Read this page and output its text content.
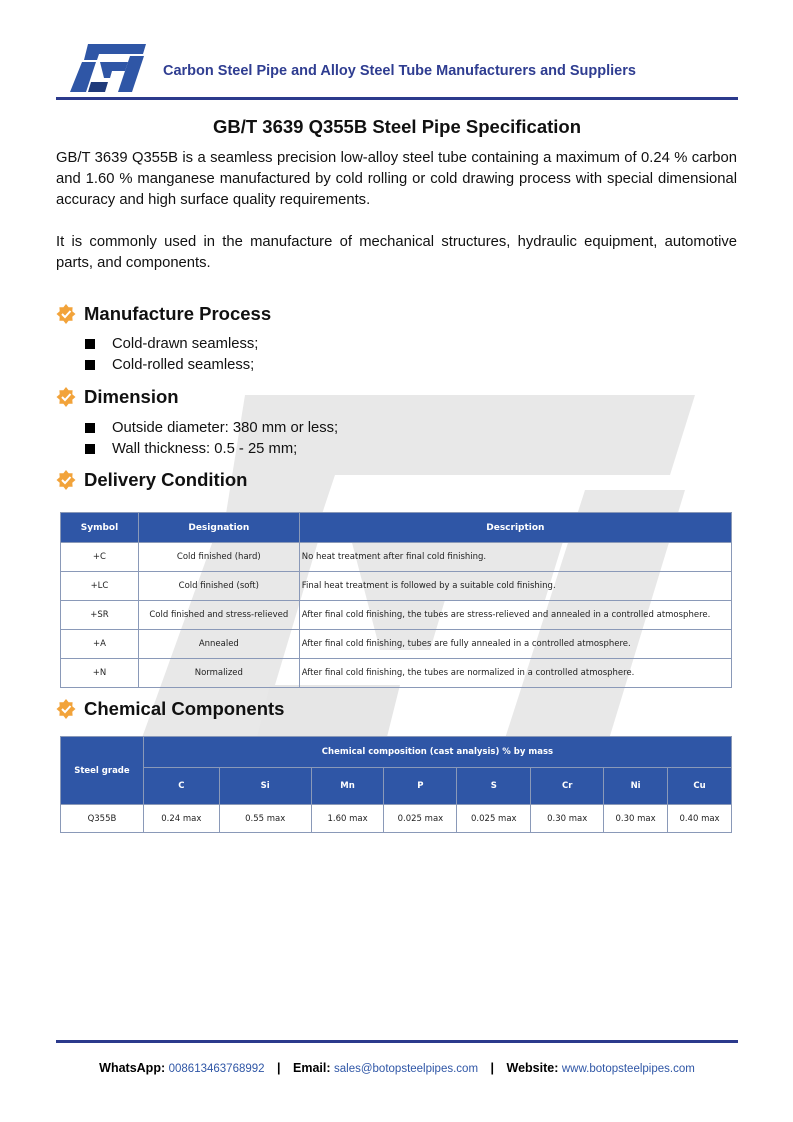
Carbon Steel Pipe and Alloy Steel Tube Manufacturers and Suppliers
GB/T 3639 Q355B Steel Pipe Specification
GB/T 3639 Q355B is a seamless precision low-alloy steel tube containing a maximum of 0.24 % carbon and 1.60 % manganese manufactured by cold rolling or cold drawing process with special dimensional accuracy and high surface quality requirements.
It is commonly used in the manufacture of mechanical structures, hydraulic equipment, automotive parts, and components.
Manufacture Process
Cold-drawn seamless;
Cold-rolled seamless;
Dimension
Outside diameter: 380 mm or less;
Wall thickness: 0.5 - 25 mm;
Delivery Condition
Symbol	Designation	Description
+C	Cold finished (hard)	No heat treatment after final cold finishing.
+LC	Cold finished (soft)	Final heat treatment is followed by a suitable cold finishing.
+SR	Cold finished and stress-relieved	After final cold finishing, the tubes are stress-relieved and annealed in a controlled atmosphere.
+A	Annealed	After final cold finishing, tubes are fully annealed in a controlled atmosphere.
+N	Normalized	After final cold finishing, the tubes are normalized in a controlled atmosphere.
Chemical Components
Steel grade	Chemical composition (cast analysis) % by mass							
	C	Si	Mn	P	S	Cr	Ni	Cu
Q355B	0.24 max	0.55 max	1.60 max	0.025 max	0.025 max	0.30 max	0.30 max	0.40 max
WhatsApp: 008613463768992 | Email: sales@botopsteelpipes.com | Website: www.botopsteelpipes.com
